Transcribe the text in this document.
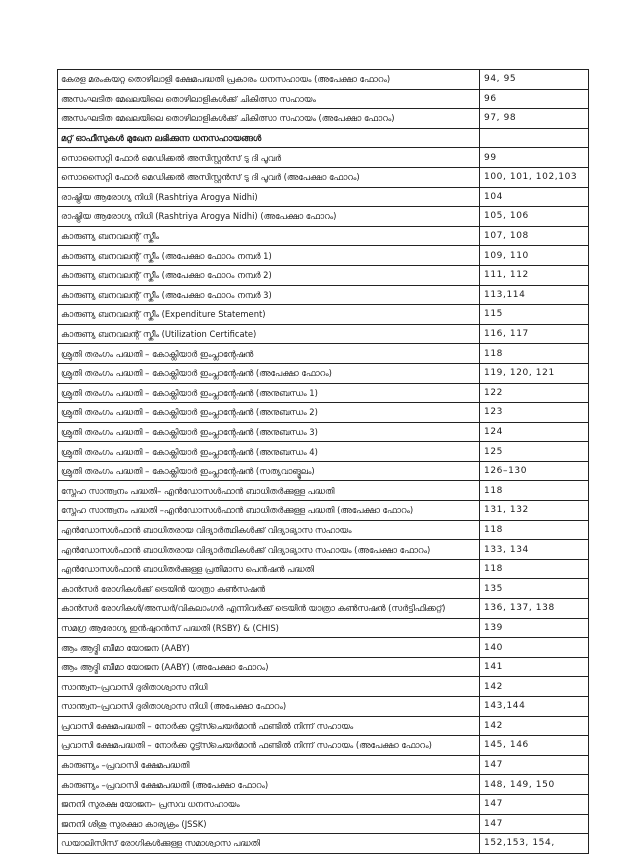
കേരള മരംകയറ്റ തൊഴിലാളി ക്ഷേമപദ്ധതി പ്രകാരം ധനസഹായം (അപേക്ഷാ ഫോറം)	94, 95
അസംഘടിത മേഖലയിലെ തൊഴിലാളികൾക്ക് ചികിത്സാ സഹായം	96
അസംഘടിത മേഖലയിലെ തൊഴിലാളികൾക്ക് ചികിത്സാ സഹായം (അപേക്ഷാ ഫോറം)	97, 98
മറ്റ് ഓഫീസുകൾ മുഖേന ലഭിക്കുന്ന ധനസഹായങ്ങൾ	
സൊസൈറ്റി ഫോർ മെഡിക്കൽ അസിസ്റ്റൻസ് ടു ദി പൂവർ	99
സൊസൈറ്റി ഫോർ മെഡിക്കൽ അസിസ്റ്റൻസ് ടു ദി പൂവർ (അപേക്ഷാ ഫോറം)	100, 101, 102,103
രാഷ്ട്രിയ ആരോഗ്യ നിധി (Rashtriya Arogya Nidhi)	104
രാഷ്ട്രിയ ആരോഗ്യ നിധി (Rashtriya Arogya Nidhi) (അപേക്ഷാ ഫോറം)	105, 106
കാരുണ്യ ബനവലന്റ് സ്കീം	107, 108
കാരുണ്യ ബനവലന്റ് സ്കീം (അപേക്ഷാ ഫോറം നമ്പർ 1)	109, 110
കാരുണ്യ ബനവലന്റ് സ്കീം (അപേക്ഷാ ഫോറം നമ്പർ 2)	111, 112
കാരുണ്യ ബനവലന്റ് സ്കീം (അപേക്ഷാ ഫോറം നമ്പർ 3)	113,114
കാരുണ്യ ബനവലന്റ് സ്കീം (Expenditure Statement)	115
കാരുണ്യ ബനവലന്റ് സ്കീം (Utilization Certificate)	116, 117
ശ്രുതി തരംഗം പദ്ധതി – കോക്ലിയാർ ഇംപ്ലാന്റേഷൻ	118
ശ്രുതി തരംഗം പദ്ധതി – കോക്ലിയാർ ഇംപ്ലാന്റേഷൻ (അപേക്ഷാ ഫോറം)	119, 120, 121
ശ്രുതി തരംഗം പദ്ധതി – കോക്ലിയാർ ഇംപ്ലാന്റേഷൻ (അനുബന്ധം 1)	122
ശ്രുതി തരംഗം പദ്ധതി – കോക്ലിയാർ ഇംപ്ലാന്റേഷൻ (അനുബന്ധം 2)	123
ശ്രുതി തരംഗം പദ്ധതി – കോക്ലിയാർ ഇംപ്ലാന്റേഷൻ (അനുബന്ധം 3)	124
ശ്രുതി തരംഗം പദ്ധതി – കോക്ലിയാർ ഇംപ്ലാന്റേഷൻ (അനുബന്ധം 4)	125
ശ്രുതി തരംഗം പദ്ധതി – കോക്ലിയാർ ഇംപ്ലാന്റേഷൻ (സത്യവാങ്മൂലം)	126–130
സ്നേഹ സാന്ത്വനം പദ്ധതി– എൻഡോസൾഫാൻ ബാധിതർക്കുള്ള പദ്ധതി	118
സ്നേഹ സാന്ത്വനം പദ്ധതി –എൻഡോസൾഫാൻ ബാധിതർക്കുള്ള പദ്ധതി (അപേക്ഷാ ഫോറം)	131, 132
എൻഡോസൾഫാൻ ബാധിതരായ വിദ്യാർത്ഥികൾക്ക് വിദ്യാഭ്യാസ സഹായം	118
എൻഡോസൾഫാൻ ബാധിതരായ വിദ്യാർത്ഥികൾക്ക് വിദ്യാഭ്യാസ സഹായം (അപേക്ഷാ ഫോറം)	133, 134
എൻഡോസൾഫാൻ ബാധിതർക്കുള്ള പ്രതിമാസ പെൻഷൻ പദ്ധതി	118
കാൻസർ രോഗികൾക്ക് ട്രെയിൻ യാത്രാ കൺസഷൻ	135
കാൻസർ രോഗികൾ/അന്ധർ/വികലാംഗർ എന്നിവർക്ക് ട്രെയിൻ യാത്രാ കൺസഷൻ (സർട്ടിഫിക്കറ്റ്)	136, 137, 138
സമഗ്ര ആരോഗ്യ ഇൻഷുറൻസ് പദ്ധതി (RSBY) & (CHIS)	139
ആം ആദ്മി ബീമാ യോജന (AABY)	140
ആം ആദ്മി ബീമാ യോജന (AABY) (അപേക്ഷാ ഫോറം)	141
സാന്ത്വന–പ്രവാസി ദുരിതാശ്വാസ നിധി	142
സാന്ത്വന–പ്രവാസി ദുരിതാശ്വാസ നിധി (അപേക്ഷാ ഫോറം)	143,144
പ്രവാസി ക്ഷേമപദ്ധതി – നോർക്ക റൂട്ട്സ്ചെയർമാൻ ഫണ്ടിൽ നിന്ന് സഹായം	142
പ്രവാസി ക്ഷേമപദ്ധതി – നോർക്ക റൂട്ട്സ്ചെയർമാൻ ഫണ്ടിൽ നിന്ന് സഹായം (അപേക്ഷാ ഫോറം)	145, 146
കാരുണ്യം –പ്രവാസി ക്ഷേമപദ്ധതി	147
കാരുണ്യം –പ്രവാസി ക്ഷേമപദ്ധതി (അപേക്ഷാ ഫോറം)	148, 149, 150
ജനനി സുരക്ഷ യോജന– പ്രസവ ധനസഹായം	147
ജനനി ശിശു സുരക്ഷാ കാര്യക്രം (JSSK)	147
ഡയാലിസിസ് രോഗികൾക്കുള്ള സമാശ്വാസ പദ്ധതി	152,153, 154,
